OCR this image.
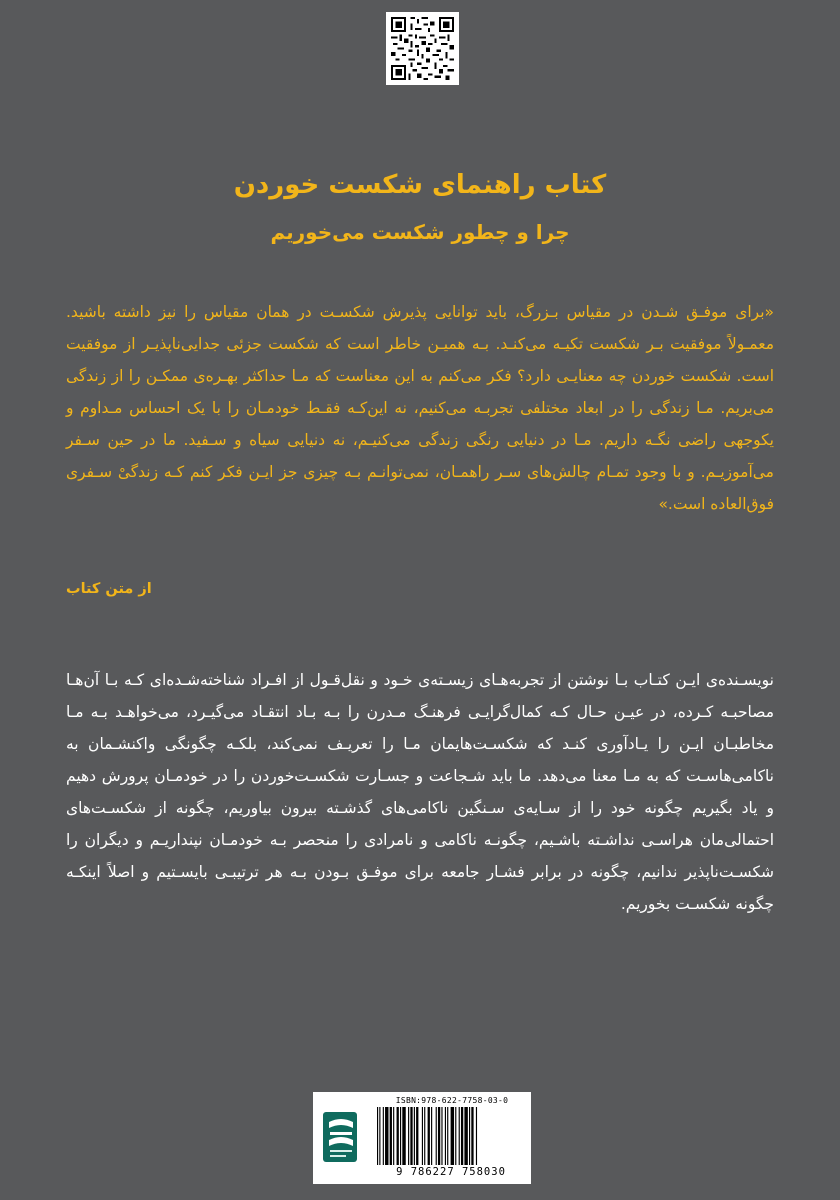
کتاب راهنمای شکست خوردن
چرا و چطور شکست می‌خوریم

«برای موفـق شـدن در مقیاس بـزرگ، باید توانایی پذیرش شکسـت در همان مقیاس را نیز داشته باشید. معمـولاً موفقیت بـر شکست تکیـه می‌کنـد. بـه همیـن خاطر است که شکست جزئی جدایی‌ناپذیـر از موفقیت است. شکست خوردن چه معنایـی دارد؟ فکر می‌کنم به این معناست که مـا حداکثر بهـره‌ی ممکـن را از زندگی می‌بریم. مـا زندگی را در ابعاد مختلفی تجربـه می‌کنیم، نه این‌کـه فقـط خودمـان را با یک احساس مـداوم و یکوجهی راضی نگـه داریم. مـا در دنیایی رنگی زندگی می‌کنیـم، نه دنیایی سیاه و سـفید. ما در حین سـفر می‌آموزیـم. و با وجود تمـام چالش‌های سـر راهمـان، نمی‌توانـم بـه چیزی جز ایـن فکر کنم کـه زندگیْ سـفری فوق‌العاده است.»

از متن کتاب

نویسـنده‌ی ایـن کتـاب بـا نوشتن از تجربه‌هـای زیسـته‌ی خـود و نقل‌قـول از افـراد شناخته‌شـده‌ای کـه بـا آن‌هـا مصاحبـه کـرده، در عیـن حـال کـه کمال‌گرایـی فرهنـگ مـدرن را بـه بـاد انتقـاد می‌گیـرد، می‌خواهـد بـه مـا مخاطبـان ایـن را یـادآوری کنـد که شکسـت‌هایمان مـا را تعریـف نمی‌کند، بلکـه چگونگی واکنشـمان به ناکامی‌هاسـت که به مـا معنا می‌دهد. ما باید شـجاعت و جسـارت شکسـت‌خوردن را در خودمـان پرورش دهیم و یاد بگیریم چگونه خود را از سـایه‌ی سـنگین ناکامی‌های گذشـته بیرون بیاوریم، چگونه از شکسـت‌های احتمالی‌مان هراسـی نداشـته باشـیم، چگونـه ناکامی و نامرادی را منحصر بـه خودمـان نپنداریـم و دیگران را شکسـت‌ناپذیر ندانیم، چگونه در برابر فشـار جامعه برای موفـق بـودن بـه هر ترتیبـی بایسـتیم و اصلاً اینکـه چگونه شکسـت بخوریم.

ISBN:978-622-7758-03-0
9 786227 758030
